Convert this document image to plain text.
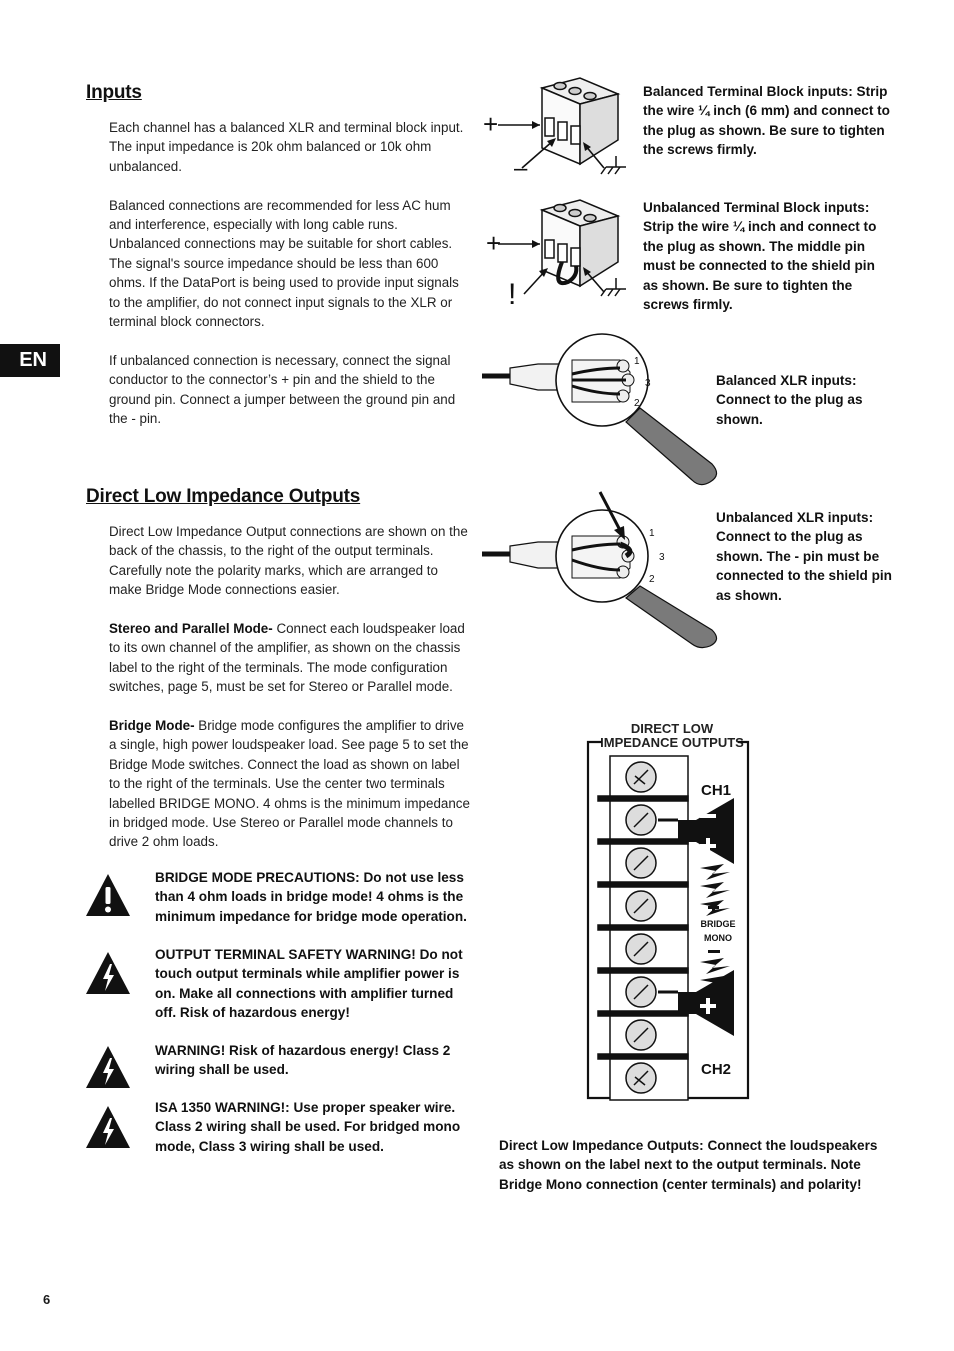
EN
6
Inputs

Each channel has a balanced XLR and terminal block input. The input impedance is 20k ohm balanced or 10k ohm unbalanced.

Balanced connections are recommended for less AC hum and interference, especially with long cable runs. Unbalanced connections may be suitable for short cables. The signal's source impedance should be less than 600 ohms. If the DataPort is being used to provide input signals to the amplifier, do not connect input signals to the XLR or terminal block connectors.

If unbalanced connection is necessary, connect the signal conductor to the connector’s + pin and the shield to the ground pin. Connect a jumper between the ground pin and the - pin.

Direct Low Impedance Outputs

Direct Low Impedance Output connections are shown on the back of the chassis, to the right of the output terminals. Carefully note the polarity marks, which are arranged to make Bridge Mode connections easier.

Stereo and Parallel Mode- Connect each loudspeaker load to its own channel of the amplifier, as shown on the chassis label to the right of the terminals. The mode configuration switches, page 5, must be set for Stereo or Parallel mode.

Bridge Mode- Bridge mode configures the amplifier to drive a single, high power loudspeaker load. See page 5 to set the Bridge Mode switches. Connect the load as shown on label to the right of the terminals. Use the center two terminals labelled BRIDGE MONO. 4 ohms is the minimum impedance in bridged mode. Use Stereo or Parallel mode channels to drive 2 ohm loads.

BRIDGE MODE PRECAUTIONS: Do not use less than 4 ohm loads in bridge mode! 4 ohms is the minimum impedance for bridge mode operation.
OUTPUT TERMINAL SAFETY WARNING! Do not touch output terminals while amplifier power is on. Make all connections with amplifier turned off. Risk of hazardous energy!
WARNING! Risk of hazardous energy! Class 2 wiring shall be used.
ISA 1350 WARNING!: Use proper speaker wire. Class 2 wiring shall be used. For bridged mono mode, Class 3 wiring shall be used.
+
–
Balanced Terminal Block inputs: Strip the wire ¼ inch (6 mm) and connect to the plug as shown. Be sure to tighten the screws firmly.
+
!
Unbalanced Terminal Block inputs: Strip the wire ¼ inch and connect to the plug as shown. The middle pin must be connected to the shield pin as shown. Be sure to tighten the screws firmly.
1
3
2
Balanced XLR inputs: Connect to the plug as shown.
1
3
2
Unbalanced XLR inputs: Connect to the plug as shown. The - pin must be connected to the shield pin as shown.
DIRECT LOW
IMPEDANCE OUTPUTS
CH1
BRIDGE
MONO
CH2
Direct Low Impedance Outputs: Connect the loudspeakers as shown on the label next to the output terminals. Note Bridge Mono connection (center terminals) and polarity!
